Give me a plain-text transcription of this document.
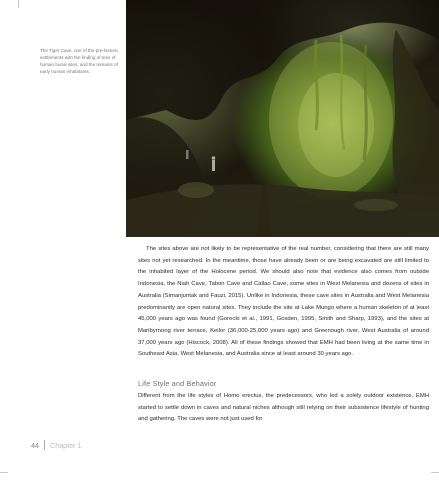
The Tiger Cave, one of the pre-historic settlements with the finding of tens of human burial sites, and the remains of early human inhabitants.
The sites above are not likely to be representative of the real number, considering that there are still many sites not yet researched. In the meantime, those have already been or are being excavated are still limited to the inhabited layer of the Holocene period. We should also note that evidence also comes from outside Indonesia, the Niah Cave, Tabon Cave and Callao Cave, some sites in West Melanesia and dozens of sites in Australia (Simanjuntak and Fauzi, 2015). Unlike in Indonesia, these cave sites in Australia and West Melanesia predominantly are open natural sites. They include the site at Lake Mungo where a human skeleton of at least 45,000 years ago was found (Gorecki et al., 1991, Gosden, 1995, Smith and Sharp, 1993), and the sites at Maribyrnong river terrace, Keilor (36,000-25,000 years ago) and Greenough river, West Australia of around 37,000 years ago (Hiscock, 2008). All of these findings showed that EMH had been living at the same time in Southeast Asia, West Melanesia, and Australia since at least around 30 years ago.
Life Style and Behavior
Different from the life styles of Homo erectus, the predecessors, who led a solely outdoor existence, EMH started to settle down in caves and natural niches although still relying on their subsistence lifestyle of hunting and gathering. The caves were not just used for
44 Chapter 1
